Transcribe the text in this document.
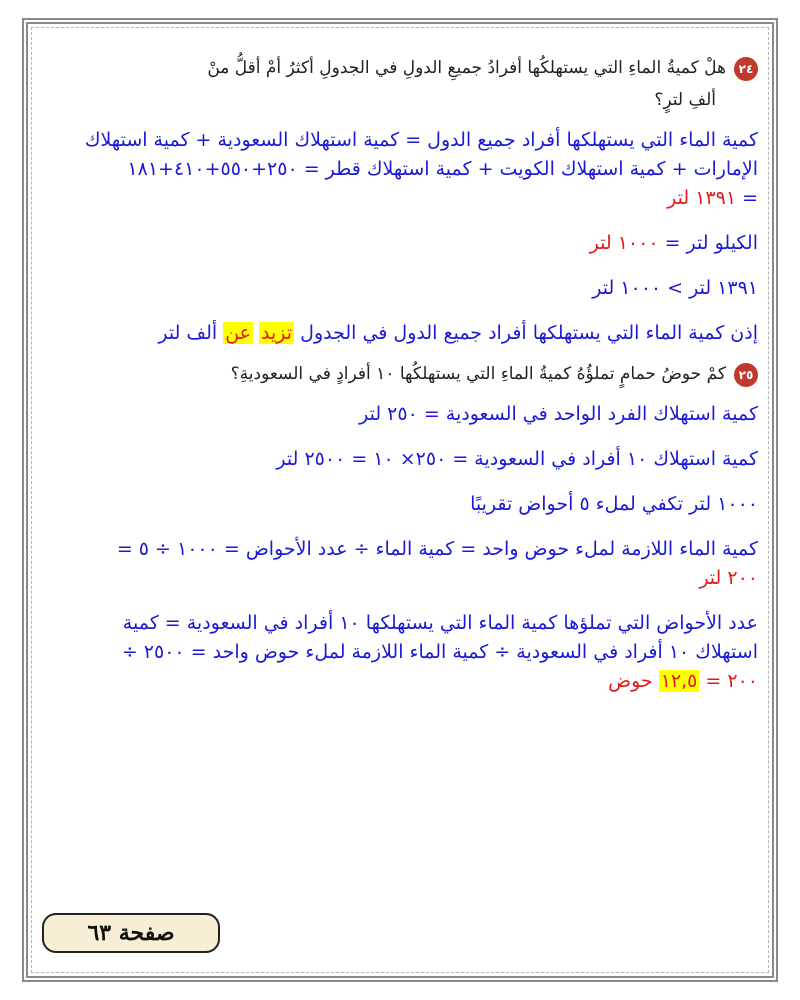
٢٤هلْ كميةُ الماءِ التي يستهلكُها أفرادُ جميعِ الدولِ في الجدولِ أكثرُ أمْ أقلُّ منْ

ألفِ لترٍ؟

كمية الماء التي يستهلكها أفراد جميع الدول = كمية استهلاك السعودية + كمية استهلاك

الإمارات + كمية استهلاك الكويت + كمية استهلاك قطر = ٢٥٠+٥٥٠+٤١٠+١٨١

= ١٣٩١ لتر

الكيلو لتر = ١٠٠٠ لتر

١٣٩١ لتر > ١٠٠٠ لتر

إذن كمية الماء التي يستهلكها أفراد جميع الدول في الجدول تزيد عن ألف لتر

٢٥كمْ حوضُ حمامٍ تملؤُهُ كميةُ الماءِ التي يستهلكُها ١٠ أفرادٍ في السعوديةِ؟

كمية استهلاك الفرد الواحد في السعودية = ٢٥٠ لتر

كمية استهلاك ١٠ أفراد في السعودية = ٢٥٠× ١٠ = ٢٥٠٠ لتر

١٠٠٠ لتر تكفي لملء ٥ أحواض تقريبًا

كمية الماء اللازمة لملء حوض واحد = كمية الماء ÷ عدد الأحواض = ١٠٠٠ ÷ ٥ =

٢٠٠ لتر

عدد الأحواض التي تملؤها كمية الماء التي يستهلكها ١٠ أفراد في السعودية = كمية

استهلاك ١٠ أفراد في السعودية ÷ كمية الماء اللازمة لملء حوض واحد = ٢٥٠٠ ÷

٢٠٠ = ١٢,٥ حوض

صفحة ٦٣
